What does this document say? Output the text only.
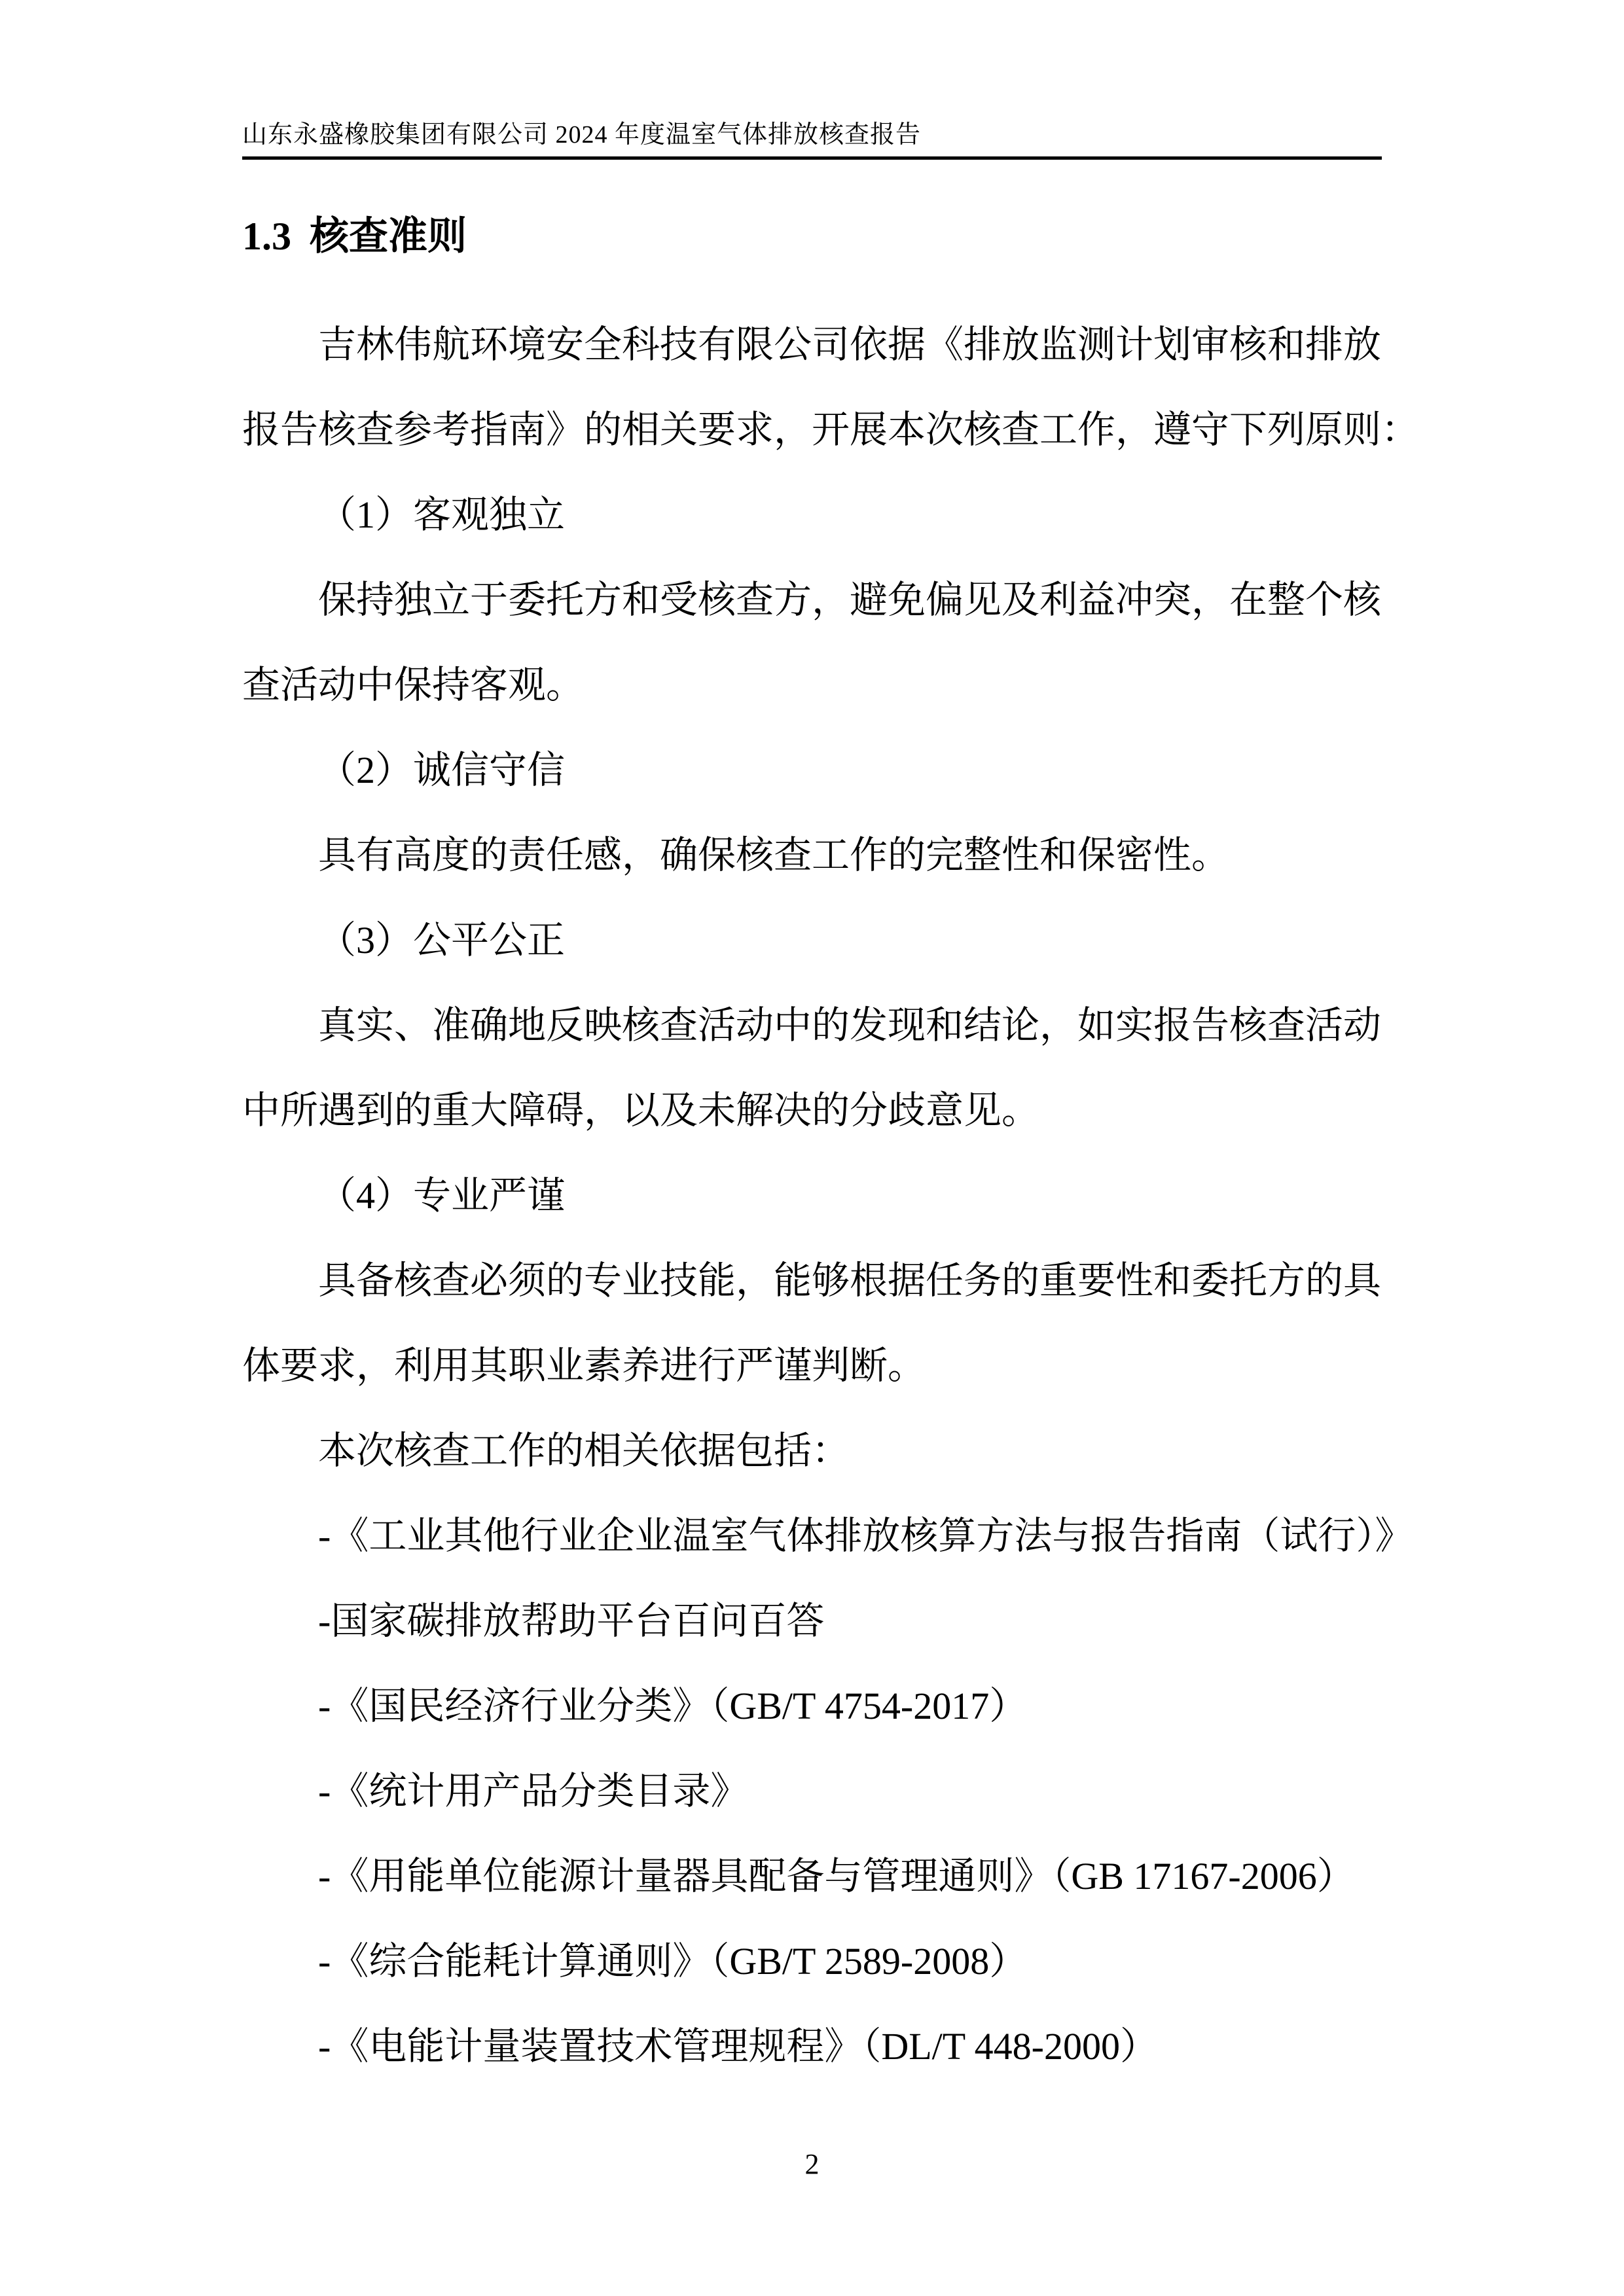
山东永盛橡胶集团有限公司 2024 年度温室气体排放核查报告
1.3 核查准则
吉林伟航环境安全科技有限公司依据《排放监测计划审核和排放
报告核查参考指南》的相关要求，开展本次核查工作，遵守下列原则：
（1）客观独立
保持独立于委托方和受核查方，避免偏见及利益冲突，在整个核
查活动中保持客观。
（2）诚信守信
具有高度的责任感，确保核查工作的完整性和保密性。
（3）公平公正
真实、准确地反映核查活动中的发现和结论，如实报告核查活动
中所遇到的重大障碍，以及未解决的分歧意见。
（4）专业严谨
具备核查必须的专业技能，能够根据任务的重要性和委托方的具
体要求，利用其职业素养进行严谨判断。
本次核查工作的相关依据包括：
-《工业其他行业企业温室气体排放核算方法与报告指南（试行）》
-国家碳排放帮助平台百问百答
-《国民经济行业分类》（GB/T 4754-2017）
-《统计用产品分类目录》
-《用能单位能源计量器具配备与管理通则》（GB 17167-2006）
-《综合能耗计算通则》（GB/T 2589-2008）
-《电能计量装置技术管理规程》（DL/T 448-2000）
2
